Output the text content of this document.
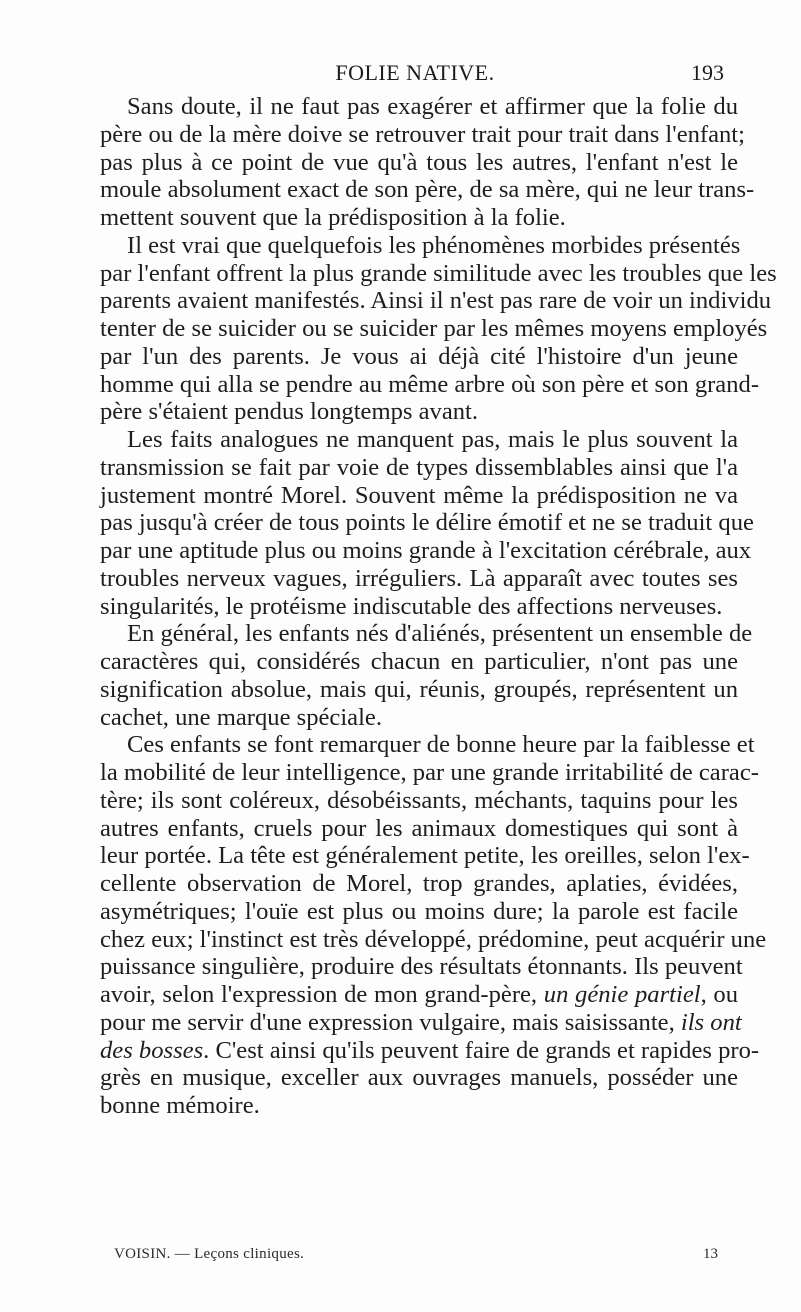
FOLIE NATIVE.	193
Sans doute, il ne faut pas exagérer et affirmer que la folie du
père ou de la mère doive se retrouver trait pour trait dans l'enfant;
pas plus à ce point de vue qu'à tous les autres, l'enfant n'est le
moule absolument exact de son père, de sa mère, qui ne leur trans-
mettent souvent que la prédisposition à la folie.
Il est vrai que quelquefois les phénomènes morbides présentés
par l'enfant offrent la plus grande similitude avec les troubles que les
parents avaient manifestés. Ainsi il n'est pas rare de voir un individu
tenter de se suicider ou se suicider par les mêmes moyens employés
par l'un des parents. Je vous ai déjà cité l'histoire d'un jeune
homme qui alla se pendre au même arbre où son père et son grand-
père s'étaient pendus longtemps avant.
Les faits analogues ne manquent pas, mais le plus souvent la
transmission se fait par voie de types dissemblables ainsi que l'a
justement montré Morel. Souvent même la prédisposition ne va
pas jusqu'à créer de tous points le délire émotif et ne se traduit que
par une aptitude plus ou moins grande à l'excitation cérébrale, aux
troubles nerveux vagues, irréguliers. Là apparaît avec toutes ses
singularités, le protéisme indiscutable des affections nerveuses.
En général, les enfants nés d'aliénés, présentent un ensemble de
caractères qui, considérés chacun en particulier, n'ont pas une
signification absolue, mais qui, réunis, groupés, représentent un
cachet, une marque spéciale.
Ces enfants se font remarquer de bonne heure par la faiblesse et
la mobilité de leur intelligence, par une grande irritabilité de carac-
tère; ils sont coléreux, désobéissants, méchants, taquins pour les
autres enfants, cruels pour les animaux domestiques qui sont à
leur portée. La tête est généralement petite, les oreilles, selon l'ex-
cellente observation de Morel, trop grandes, aplaties, évidées,
asymétriques; l'ouïe est plus ou moins dure; la parole est facile
chez eux; l'instinct est très développé, prédomine, peut acquérir une
puissance singulière, produire des résultats étonnants. Ils peuvent
avoir, selon l'expression de mon grand-père, un génie partiel, ou
pour me servir d'une expression vulgaire, mais saisissante, ils ont
des bosses. C'est ainsi qu'ils peuvent faire de grands et rapides pro-
grès en musique, exceller aux ouvrages manuels, posséder une
bonne mémoire.
VOISIN. — Leçons cliniques.	13
